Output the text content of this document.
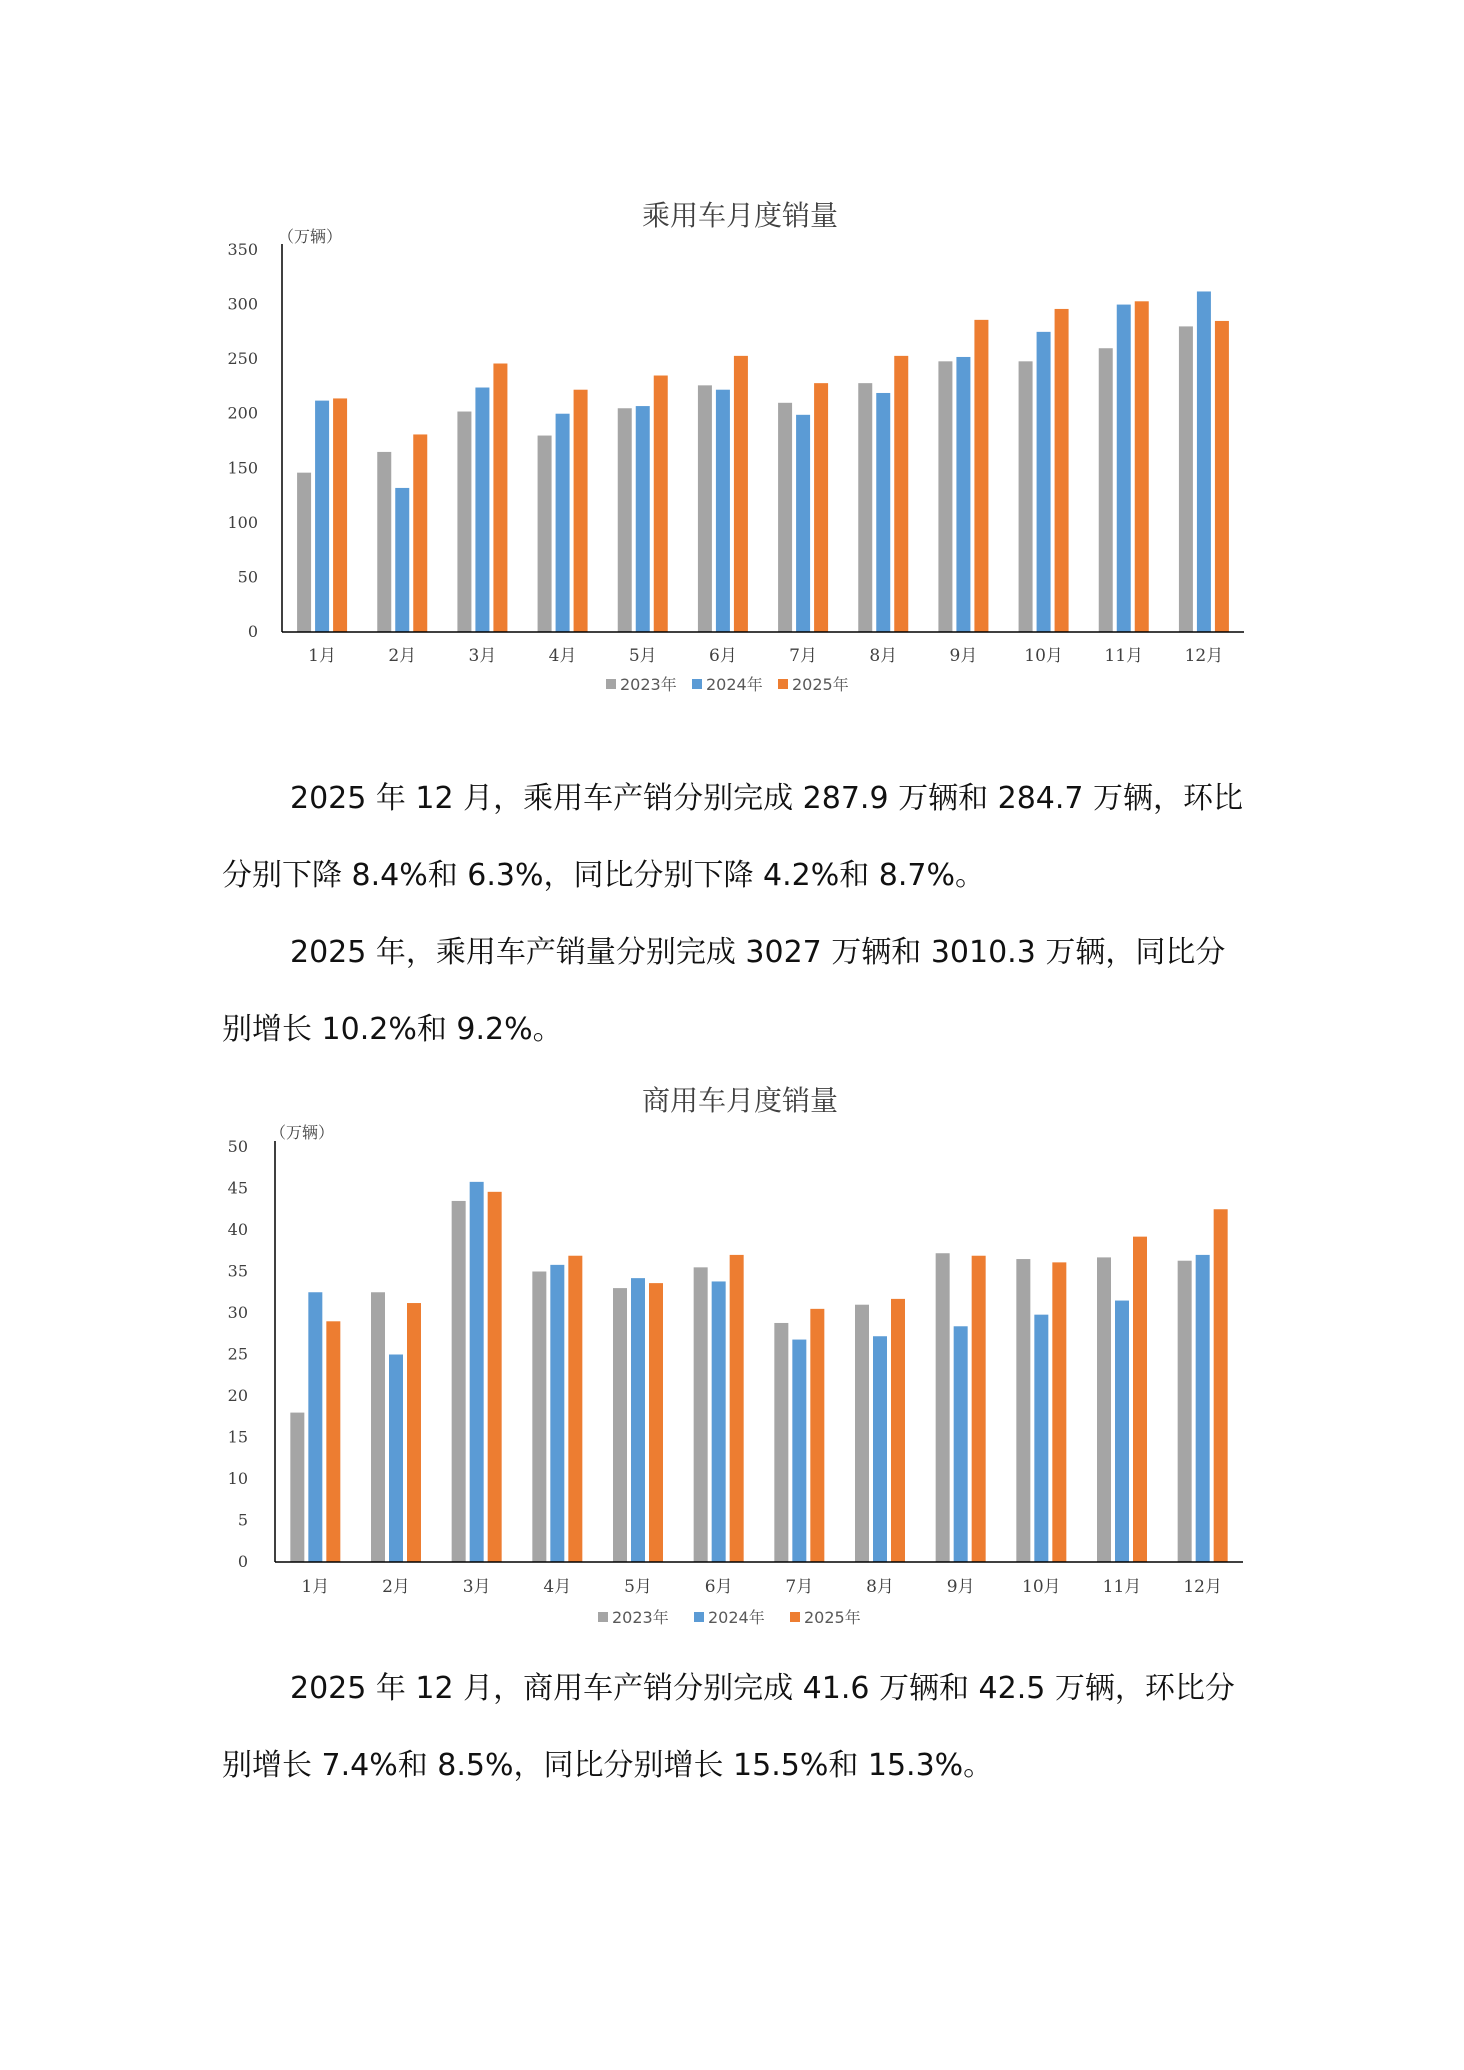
乘用车月度销量
（万辆）
0
50
100
150
200
250
300
350
1月	2月	3月	4月	5月	6月	7月	8月	9月	10月 11月 12月
2023年 2024年 2025年

2025 年 12 月，乘用车产销分别完成 287.9 万辆和 284.7 万辆，环比分别下降 8.4%和 6.3%，同比分别下降 4.2%和 8.7%。

2025 年，乘用车产销量分别完成 3027 万辆和 3010.3 万辆，同比分别增长 10.2%和 9.2%。

商用车月度销量
（万辆）
0
5
10
15
20
25
30
35
40
45
50
1月	2月	3月	4月	5月	6月	7月	8月	9月	10月 11月 12月
2023年 2024年 2025年

2025 年 12 月，商用车产销分别完成 41.6 万辆和 42.5 万辆，环比分别增长 7.4%和 8.5%，同比分别增长 15.5%和 15.3%。
